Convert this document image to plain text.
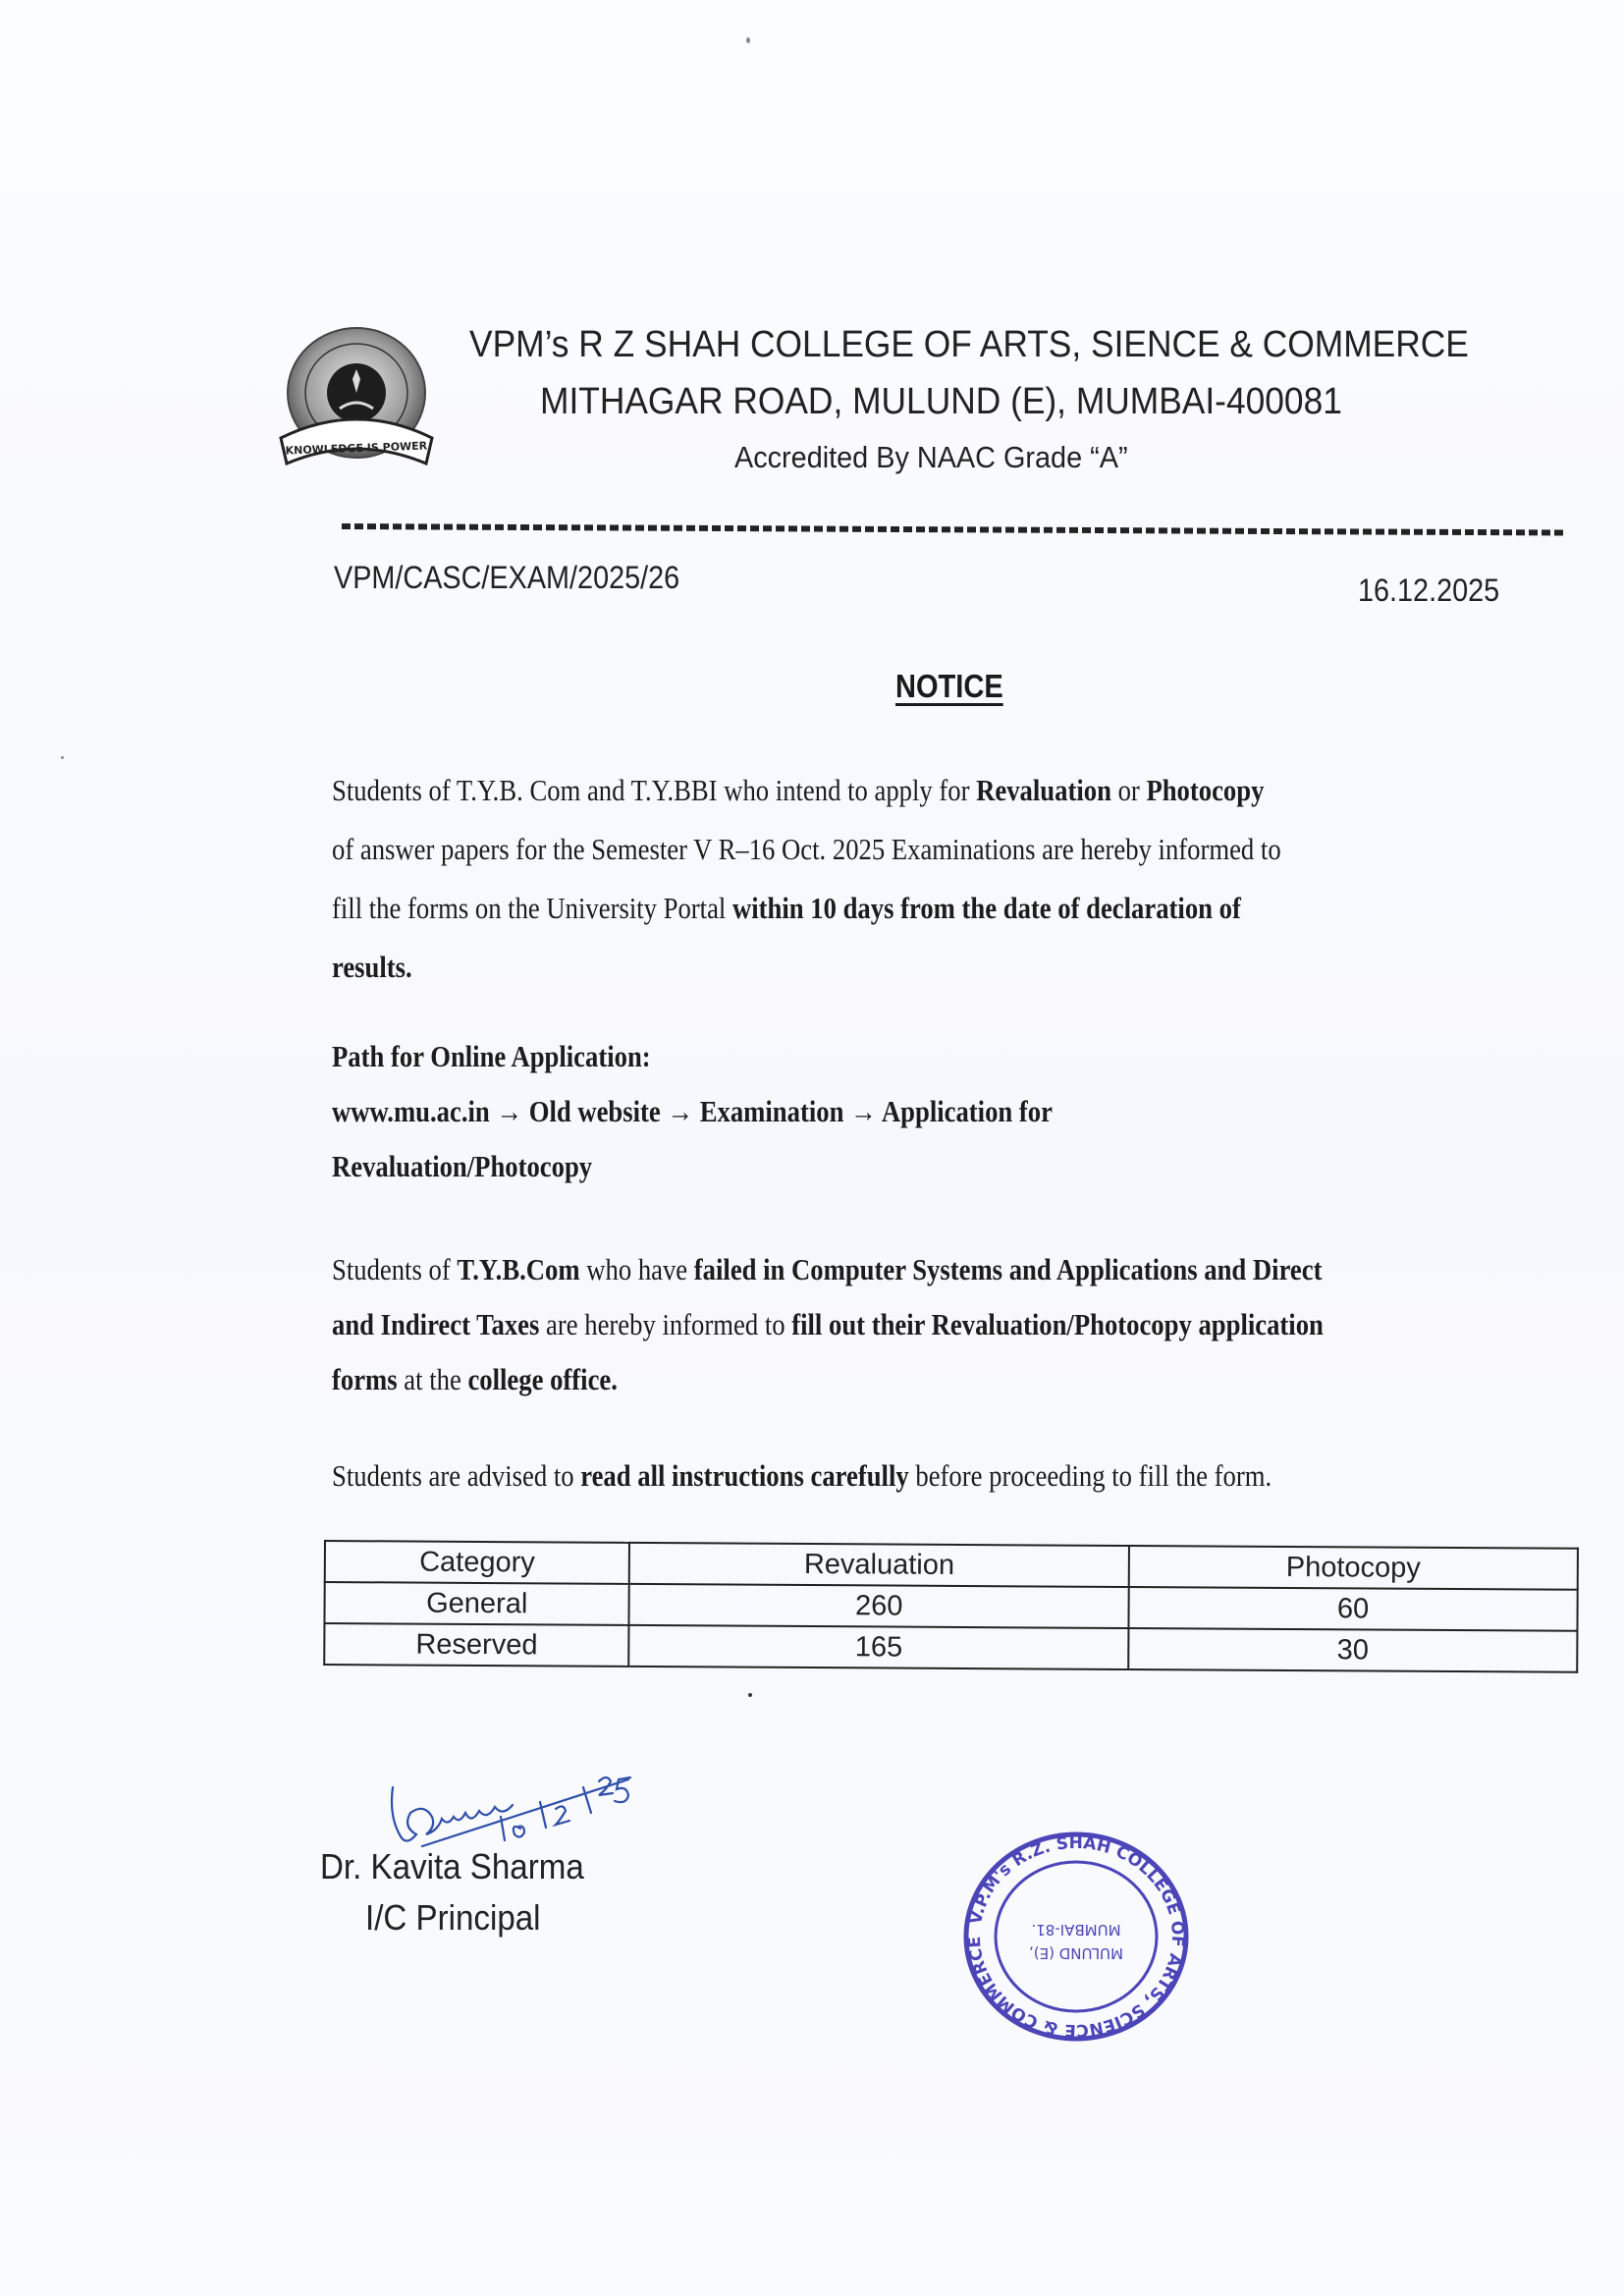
KNOWLEDGE IS POWER
VPM’s R Z SHAH COLLEGE OF ARTS, SIENCE & COMMERCE
MITHAGAR ROAD, MULUND (E), MUMBAI-400081
Accredited By NAAC Grade “A”
VPM/CASC/EXAM/2025/26	16.12.2025
NOTICE
Students of T.Y.B. Com and T.Y.BBI who intend to apply for Revaluation or Photocopy
of answer papers for the Semester V R–16 Oct. 2025 Examinations are hereby informed to
fill the forms on the University Portal within 10 days from the date of declaration of
results.
Path for Online Application:
www.mu.ac.in → Old website → Examination → Application for
Revaluation/Photocopy
Students of T.Y.B.Com who have failed in Computer Systems and Applications and Direct
and Indirect Taxes are hereby informed to fill out their Revaluation/Photocopy application
forms at the college office.
Students are advised to read all instructions carefully before proceeding to fill the form.
Category	Revaluation	Photocopy
General	260	60
Reserved	165	30
Dr. Kavita Sharma
I/C Principal	V.P.M's R.Z. SHAH COLLEGE OF ARTS, SCIENCE & COMMERCE
MULUND (E),
MUMBAI-81.
